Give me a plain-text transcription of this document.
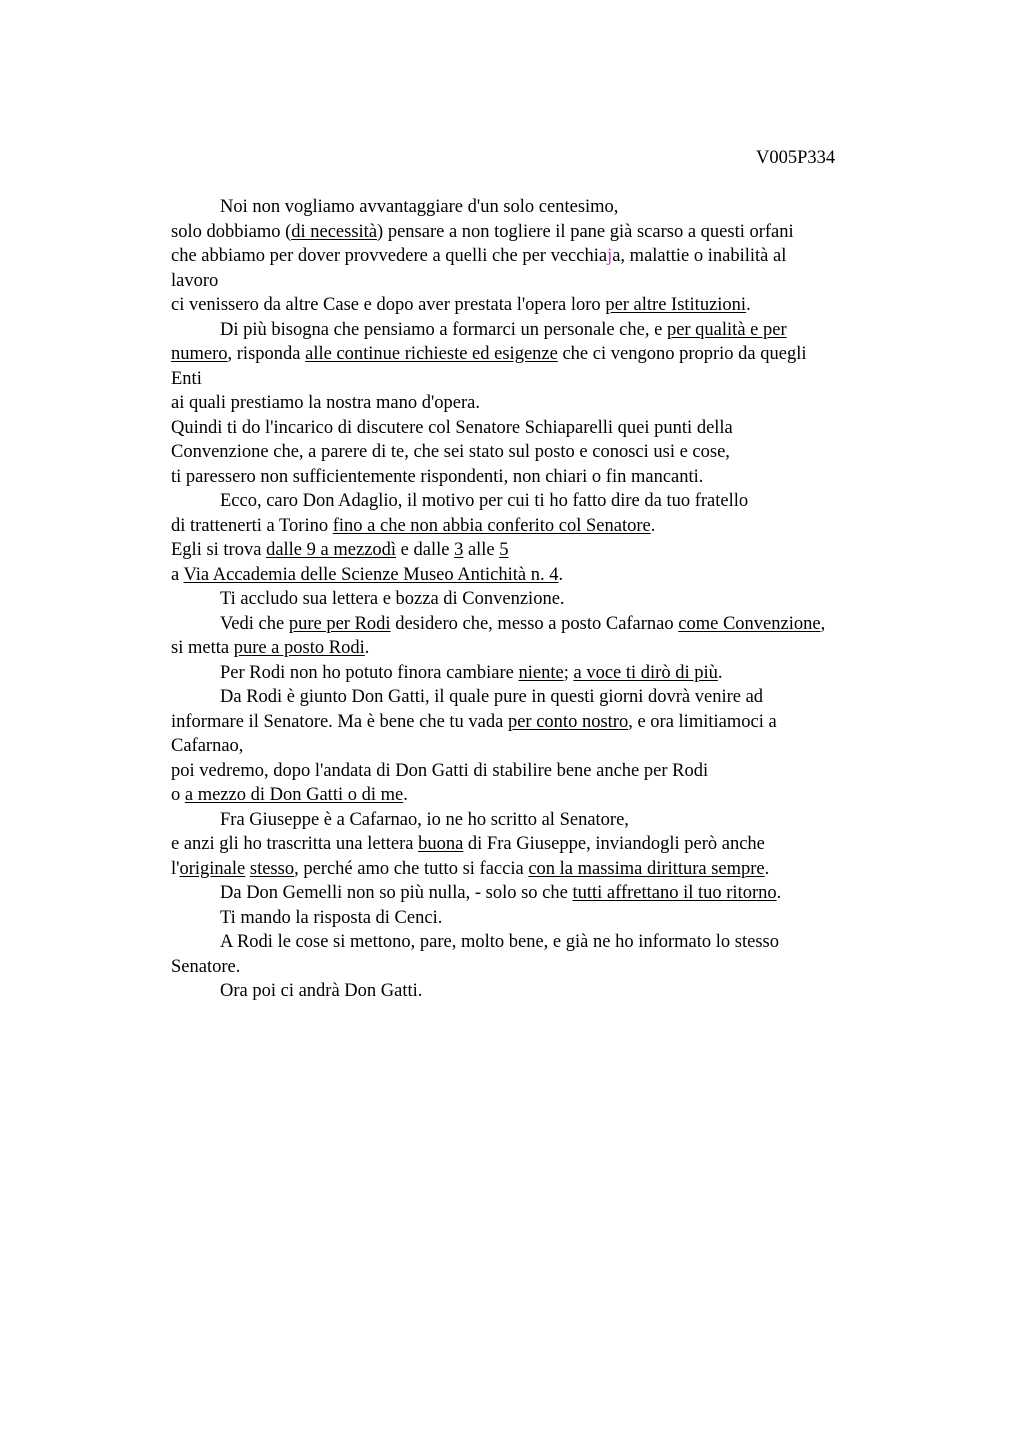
V005P334
Noi non vogliamo avvantaggiare d'un solo centesimo,
solo dobbiamo (di necessità) pensare a non togliere il pane già scarso a questi orfani
che abbiamo per dover provvedere a quelli che per vecchiaja, malattie o inabilità al
lavoro
ci venissero da altre Case e dopo aver prestata l'opera loro per altre Istituzioni.
Di più bisogna che pensiamo a formarci un personale che, e per qualità e per
numero, risponda alle continue richieste ed esigenze che ci vengono proprio da quegli
Enti
ai quali prestiamo la nostra mano d'opera.
Quindi ti do l'incarico di discutere col Senatore Schiaparelli quei punti della
Convenzione che, a parere di te, che sei stato sul posto e conosci usi e cose,
ti paressero non sufficientemente rispondenti, non chiari o fin mancanti.
Ecco, caro Don Adaglio, il motivo per cui ti ho fatto dire da tuo fratello
di trattenerti a Torino fino a che non abbia conferito col Senatore.
Egli si trova dalle 9 a mezzodì e dalle 3 alle 5
a Via Accademia delle Scienze Museo Antichità n. 4.
Ti accludo sua lettera e bozza di Convenzione.
Vedi che pure per Rodi desidero che, messo a posto Cafarnao come Convenzione,
si metta pure a posto Rodi.
Per Rodi non ho potuto finora cambiare niente; a voce ti dirò di più.
Da Rodi è giunto Don Gatti, il quale pure in questi giorni dovrà venire ad
informare il Senatore. Ma è bene che tu vada per conto nostro, e ora limitiamoci a
Cafarnao,
poi vedremo, dopo l'andata di Don Gatti di stabilire bene anche per Rodi
o a mezzo di Don Gatti o di me.
Fra Giuseppe è a Cafarnao, io ne ho scritto al Senatore,
e anzi gli ho trascritta una lettera buona di Fra Giuseppe, inviandogli però anche
l'originale stesso, perché amo che tutto si faccia con la massima dirittura sempre.
Da Don Gemelli non so più nulla, - solo so che tutti affrettano il tuo ritorno.
Ti mando la risposta di Cenci.
A Rodi le cose si mettono, pare, molto bene, e già ne ho informato lo stesso
Senatore.
Ora poi ci andrà Don Gatti.
